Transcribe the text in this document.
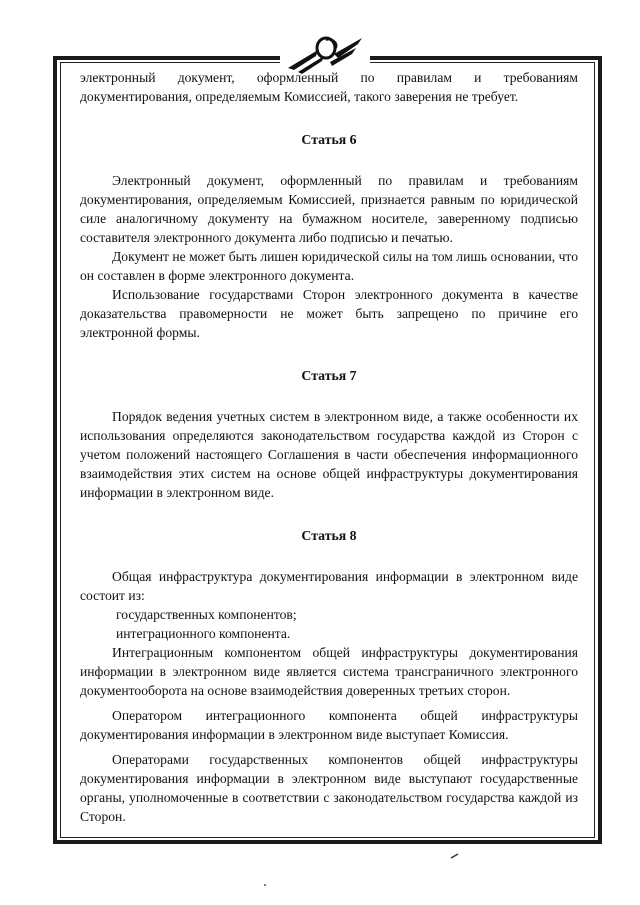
электронный документ, оформленный по правилам и требованиям документирования, определяемым Комиссией, такого заверения не требует.

Статья 6

Электронный документ, оформленный по правилам и требованиям документирования, определяемым Комиссией, признается равным по юридической силе аналогичному документу на бумажном носителе, заверенному подписью составителя электронного документа либо подписью и печатью.

Документ не может быть лишен юридической силы на том лишь основании, что он составлен в форме электронного документа.

Использование государствами Сторон электронного документа в качестве доказательства правомерности не может быть запрещено по причине его электронной формы.

Статья 7

Порядок ведения учетных систем в электронном виде, а также особенности их использования определяются законодательством государства каждой из Сторон с учетом положений настоящего Соглашения в части обеспечения информационного взаимодействия этих систем на основе общей инфраструктуры документирования информации в электронном виде.

Статья 8

Общая инфраструктура документирования информации в электронном виде состоит из:

государственных компонентов;

интеграционного компонента.

Интеграционным компонентом общей инфраструктуры документирования информации в электронном виде является система трансграничного электронного документооборота на основе взаимодействия доверенных третьих сторон.

Оператором интеграционного компонента общей инфраструктуры документирования информации в электронном виде выступает Комиссия.

Операторами государственных компонентов общей инфраструктуры документирования информации в электронном виде выступают государственные органы, уполномоченные в соответствии с законодательством государства каждой из Сторон.
